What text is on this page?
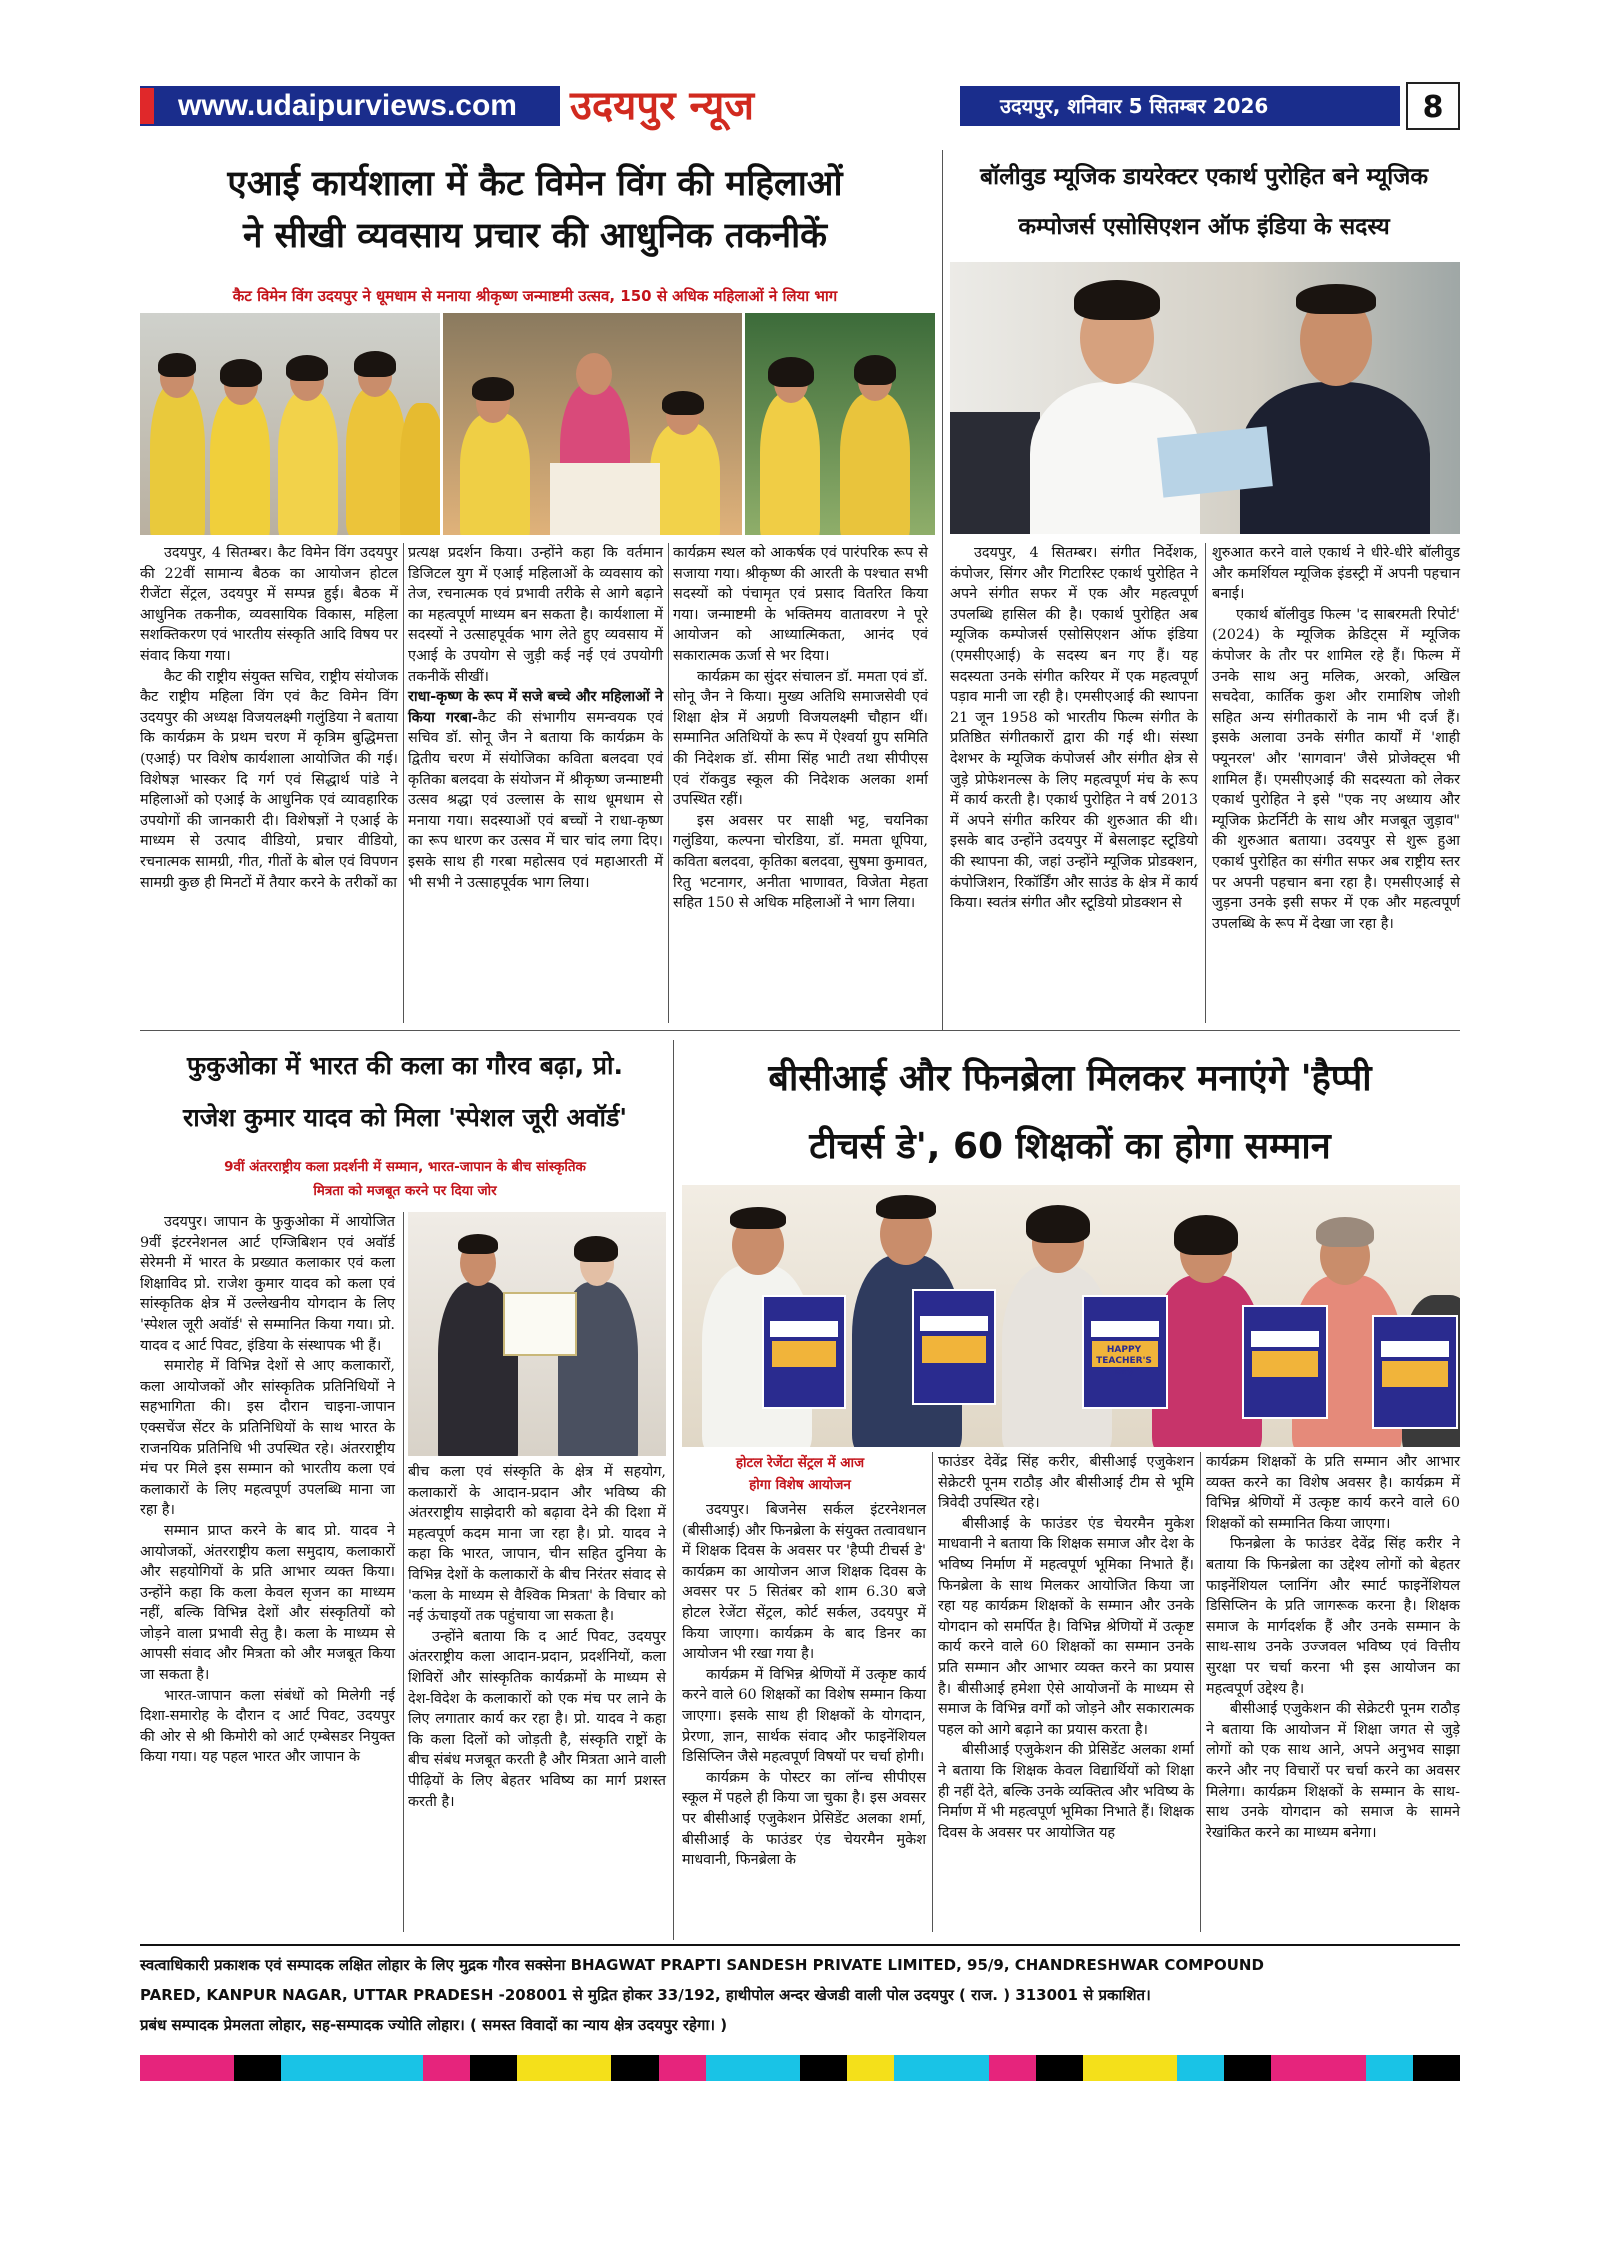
www.udaipurviews.com	उदयपुर न्यूज	उदयपुर, शनिवार 5 सितम्बर 2026	8
एआई कार्यशाला में कैट विमेन विंग की महिलाओं
ने सीखी व्यवसाय प्रचार की आधुनिक तकनीकें
कैट विमेन विंग उदयपुर ने धूमधाम से मनाया श्रीकृष्ण जन्माष्टमी उत्सव, 150 से अधिक महिलाओं ने लिया भाग

उदयपुर, 4 सितम्बर। कैट विमेन विंग उदयपुर की 22वीं सामान्य बैठक का आयोजन होटल रीजेंटा सेंट्रल, उदयपुर में सम्पन्न हुई। बैठक में आधुनिक तकनीक, व्यवसायिक विकास, महिला सशक्तिकरण एवं भारतीय संस्कृति आदि विषय पर संवाद किया गया।

कैट की राष्ट्रीय संयुक्त सचिव, राष्ट्रीय संयोजक कैट राष्ट्रीय महिला विंग एवं कैट विमेन विंग उदयपुर की अध्यक्ष विजयलक्ष्मी गलुंडिया ने बताया कि कार्यक्रम के प्रथम चरण में कृत्रिम बुद्धिमत्ता (एआई) पर विशेष कार्यशाला आयोजित की गई। विशेषज्ञ भास्कर दि गर्ग एवं सिद्धार्थ पांडे ने महिलाओं को एआई के आधुनिक एवं व्यावहारिक उपयोगों की जानकारी दी। विशेषज्ञों ने एआई के माध्यम से उत्पाद वीडियो, प्रचार वीडियो, रचनात्मक सामग्री, गीत, गीतों के बोल एवं विपणन सामग्री कुछ ही मिनटों में तैयार करने के तरीकों का

प्रत्यक्ष प्रदर्शन किया। उन्होंने कहा कि वर्तमान डिजिटल युग में एआई महिलाओं के व्यवसाय को तेज, रचनात्मक एवं प्रभावी तरीके से आगे बढ़ाने का महत्वपूर्ण माध्यम बन सकता है। कार्यशाला में सदस्यों ने उत्साहपूर्वक भाग लेते हुए व्यवसाय में एआई के उपयोग से जुड़ी कई नई एवं उपयोगी तकनीकें सीखीं।

राधा-कृष्ण के रूप में सजे बच्चे और महिलाओं ने किया गरबा-कैट की संभागीय समन्वयक एवं सचिव डॉ. सोनू जैन ने बताया कि कार्यक्रम के द्वितीय चरण में संयोजिका कविता बलदवा एवं कृतिका बलदवा के संयोजन में श्रीकृष्ण जन्माष्टमी उत्सव श्रद्धा एवं उल्लास के साथ धूमधाम से मनाया गया। सदस्याओं एवं बच्चों ने राधा-कृष्ण का रूप धारण कर उत्सव में चार चांद लगा दिए। इसके साथ ही गरबा महोत्सव एवं महाआरती में भी सभी ने उत्साहपूर्वक भाग लिया।

कार्यक्रम स्थल को आकर्षक एवं पारंपरिक रूप से सजाया गया। श्रीकृष्ण की आरती के पश्चात सभी सदस्यों को पंचामृत एवं प्रसाद वितरित किया गया। जन्माष्टमी के भक्तिमय वातावरण ने पूरे आयोजन को आध्यात्मिकता, आनंद एवं सकारात्मक ऊर्जा से भर दिया।

कार्यक्रम का सुंदर संचालन डॉ. ममता एवं डॉ. सोनू जैन ने किया। मुख्य अतिथि समाजसेवी एवं शिक्षा क्षेत्र में अग्रणी विजयलक्ष्मी चौहान थीं। सम्मानित अतिथियों के रूप में ऐश्वर्या ग्रुप समिति की निदेशक डॉ. सीमा सिंह भाटी तथा सीपीएस एवं रॉकवुड स्कूल की निदेशक अलका शर्मा उपस्थित रहीं।

इस अवसर पर साक्षी भट्ट, चयनिका गलुंडिया, कल्पना चोरडिया, डॉ. ममता धूपिया, कविता बलदवा, कृतिका बलदवा, सुषमा कुमावत, रितु भटनागर, अनीता भाणावत, विजेता मेहता सहित 150 से अधिक महिलाओं ने भाग लिया।

बॉलीवुड म्यूजिक डायरेक्टर एकार्थ पुरोहित बने म्यूजिक
कम्पोजर्स एसोसिएशन ऑफ इंडिया के सदस्य

उदयपुर, 4 सितम्बर। संगीत निर्देशक, कंपोजर, सिंगर और गिटारिस्ट एकार्थ पुरोहित ने अपने संगीत सफर में एक और महत्वपूर्ण उपलब्धि हासिल की है। एकार्थ पुरोहित अब म्यूजिक कम्पोजर्स एसोसिएशन ऑफ इंडिया (एमसीएआई) के सदस्य बन गए हैं। यह सदस्यता उनके संगीत करियर में एक महत्वपूर्ण पड़ाव मानी जा रही है। एमसीएआई की स्थापना 21 जून 1958 को भारतीय फिल्म संगीत के प्रतिष्ठित संगीतकारों द्वारा की गई थी। संस्था देशभर के म्यूजिक कंपोजर्स और संगीत क्षेत्र से जुड़े प्रोफेशनल्स के लिए महत्वपूर्ण मंच के रूप में कार्य करती है। एकार्थ पुरोहित ने वर्ष 2013 में अपने संगीत करियर की शुरुआत की थी। इसके बाद उन्होंने उदयपुर में बेसलाइट स्टूडियो की स्थापना की, जहां उन्होंने म्यूजिक प्रोडक्शन, कंपोजिशन, रिकॉर्डिंग और साउंड के क्षेत्र में कार्य किया। स्वतंत्र संगीत और स्टूडियो प्रोडक्शन से

शुरुआत करने वाले एकार्थ ने धीरे-धीरे बॉलीवुड और कमर्शियल म्यूजिक इंडस्ट्री में अपनी पहचान बनाई।

एकार्थ बॉलीवुड फिल्म 'द साबरमती रिपोर्ट' (2024) के म्यूजिक क्रेडिट्स में म्यूजिक कंपोजर के तौर पर शामिल रहे हैं। फिल्म में उनके साथ अनु मलिक, अरको, अखिल सचदेवा, कार्तिक कुश और रामाशिष जोशी सहित अन्य संगीतकारों के नाम भी दर्ज हैं। इसके अलावा उनके संगीत कार्यों में 'शाही फ्यूनरल' और 'सागवान' जैसे प्रोजेक्ट्स भी शामिल हैं। एमसीएआई की सदस्यता को लेकर एकार्थ पुरोहित ने इसे "एक नए अध्याय और म्यूजिक फ्रेटर्निटी के साथ और मजबूत जुड़ाव" की शुरुआत बताया। उदयपुर से शुरू हुआ एकार्थ पुरोहित का संगीत सफर अब राष्ट्रीय स्तर पर अपनी पहचान बना रहा है। एमसीएआई से जुड़ना उनके इसी सफर में एक और महत्वपूर्ण उपलब्धि के रूप में देखा जा रहा है।

फुकुओका में भारत की कला का गौरव बढ़ा, प्रो.
राजेश कुमार यादव को मिला 'स्पेशल जूरी अवॉर्ड'
9वीं अंतरराष्ट्रीय कला प्रदर्शनी में सम्मान, भारत-जापान के बीच सांस्कृतिक
मित्रता को मजबूत करने पर दिया जोर

उदयपुर। जापान के फुकुओका में आयोजित 9वीं इंटरनेशनल आर्ट एग्जिबिशन एवं अवॉर्ड सेरेमनी में भारत के प्रख्यात कलाकार एवं कला शिक्षाविद प्रो. राजेश कुमार यादव को कला एवं सांस्कृतिक क्षेत्र में उल्लेखनीय योगदान के लिए 'स्पेशल जूरी अवॉर्ड' से सम्मानित किया गया। प्रो. यादव द आर्ट पिवट, इंडिया के संस्थापक भी हैं।

समारोह में विभिन्न देशों से आए कलाकारों, कला आयोजकों और सांस्कृतिक प्रतिनिधियों ने सहभागिता की। इस दौरान चाइना-जापान एक्सचेंज सेंटर के प्रतिनिधियों के साथ भारत के राजनयिक प्रतिनिधि भी उपस्थित रहे। अंतरराष्ट्रीय मंच पर मिले इस सम्मान को भारतीय कला एवं कलाकारों के लिए महत्वपूर्ण उपलब्धि माना जा रहा है।

सम्मान प्राप्त करने के बाद प्रो. यादव ने आयोजकों, अंतरराष्ट्रीय कला समुदाय, कलाकारों और सहयोगियों के प्रति आभार व्यक्त किया। उन्होंने कहा कि कला केवल सृजन का माध्यम नहीं, बल्कि विभिन्न देशों और संस्कृतियों को जोड़ने वाला प्रभावी सेतु है। कला के माध्यम से आपसी संवाद और मित्रता को और मजबूत किया जा सकता है।

भारत-जापान कला संबंधों को मिलेगी नई दिशा-समारोह के दौरान द आर्ट पिवट, उदयपुर की ओर से श्री किमोरी को आर्ट एम्बेसडर नियुक्त किया गया। यह पहल भारत और जापान के

बीच कला एवं संस्कृति के क्षेत्र में सहयोग, कलाकारों के आदान-प्रदान और भविष्य की अंतरराष्ट्रीय साझेदारी को बढ़ावा देने की दिशा में महत्वपूर्ण कदम माना जा रहा है। प्रो. यादव ने कहा कि भारत, जापान, चीन सहित दुनिया के विभिन्न देशों के कलाकारों के बीच निरंतर संवाद से 'कला के माध्यम से वैश्विक मित्रता' के विचार को नई ऊंचाइयों तक पहुंचाया जा सकता है।

उन्होंने बताया कि द आर्ट पिवट, उदयपुर अंतरराष्ट्रीय कला आदान-प्रदान, प्रदर्शनियों, कला शिविरों और सांस्कृतिक कार्यक्रमों के माध्यम से देश-विदेश के कलाकारों को एक मंच पर लाने के लिए लगातार कार्य कर रहा है। प्रो. यादव ने कहा कि कला दिलों को जोड़ती है, संस्कृति राष्ट्रों के बीच संबंध मजबूत करती है और मित्रता आने वाली पीढ़ियों के लिए बेहतर भविष्य का मार्ग प्रशस्त करती है।

बीसीआई और फिनब्रेला मिलकर मनाएंगे 'हैप्पी
टीचर्स डे', 60 शिक्षकों का होगा सम्मान
HAPPY TEACHER'S Day
होटल रेजेंटा सेंट्रल में आज
होगा विशेष आयोजन

उदयपुर। बिजनेस सर्कल इंटरनेशनल (बीसीआई) और फिनब्रेला के संयुक्त तत्वावधान में शिक्षक दिवस के अवसर पर 'हैप्पी टीचर्स डे' कार्यक्रम का आयोजन आज शिक्षक दिवस के अवसर पर 5 सितंबर को शाम 6.30 बजे होटल रेजेंटा सेंट्रल, कोर्ट सर्कल, उदयपुर में किया जाएगा। कार्यक्रम के बाद डिनर का आयोजन भी रखा गया है।

कार्यक्रम में विभिन्न श्रेणियों में उत्कृष्ट कार्य करने वाले 60 शिक्षकों का विशेष सम्मान किया जाएगा। इसके साथ ही शिक्षकों के योगदान, प्रेरणा, ज्ञान, सार्थक संवाद और फाइनेंशियल डिसिप्लिन जैसे महत्वपूर्ण विषयों पर चर्चा होगी।

कार्यक्रम के पोस्टर का लॉन्च सीपीएस स्कूल में पहले ही किया जा चुका है। इस अवसर पर बीसीआई एजुकेशन प्रेसिडेंट अलका शर्मा, बीसीआई के फाउंडर एंड चेयरमैन मुकेश माधवानी, फिनब्रेला के

फाउंडर देवेंद्र सिंह करीर, बीसीआई एजुकेशन सेक्रेटरी पूनम राठौड़ और बीसीआई टीम से भूमि त्रिवेदी उपस्थित रहे।

बीसीआई के फाउंडर एंड चेयरमैन मुकेश माधवानी ने बताया कि शिक्षक समाज और देश के भविष्य निर्माण में महत्वपूर्ण भूमिका निभाते हैं। फिनब्रेला के साथ मिलकर आयोजित किया जा रहा यह कार्यक्रम शिक्षकों के सम्मान और उनके योगदान को समर्पित है। विभिन्न श्रेणियों में उत्कृष्ट कार्य करने वाले 60 शिक्षकों का सम्मान उनके प्रति सम्मान और आभार व्यक्त करने का प्रयास है। बीसीआई हमेशा ऐसे आयोजनों के माध्यम से समाज के विभिन्न वर्गों को जोड़ने और सकारात्मक पहल को आगे बढ़ाने का प्रयास करता है।

बीसीआई एजुकेशन की प्रेसिडेंट अलका शर्मा ने बताया कि शिक्षक केवल विद्यार्थियों को शिक्षा ही नहीं देते, बल्कि उनके व्यक्तित्व और भविष्य के निर्माण में भी महत्वपूर्ण भूमिका निभाते हैं। शिक्षक दिवस के अवसर पर आयोजित यह

कार्यक्रम शिक्षकों के प्रति सम्मान और आभार व्यक्त करने का विशेष अवसर है। कार्यक्रम में विभिन्न श्रेणियों में उत्कृष्ट कार्य करने वाले 60 शिक्षकों को सम्मानित किया जाएगा।

फिनब्रेला के फाउंडर देवेंद्र सिंह करीर ने बताया कि फिनब्रेला का उद्देश्य लोगों को बेहतर फाइनेंशियल प्लानिंग और स्मार्ट फाइनेंशियल डिसिप्लिन के प्रति जागरूक करना है। शिक्षक समाज के मार्गदर्शक हैं और उनके सम्मान के साथ-साथ उनके उज्जवल भविष्य एवं वित्तीय सुरक्षा पर चर्चा करना भी इस आयोजन का महत्वपूर्ण उद्देश्य है।

बीसीआई एजुकेशन की सेक्रेटरी पूनम राठौड़ ने बताया कि आयोजन में शिक्षा जगत से जुड़े लोगों को एक साथ आने, अपने अनुभव साझा करने और नए विचारों पर चर्चा करने का अवसर मिलेगा। कार्यक्रम शिक्षकों के सम्मान के साथ-साथ उनके योगदान को समाज के सामने रेखांकित करने का माध्यम बनेगा।

स्वत्वाधिकारी प्रकाशक एवं सम्पादक लक्षित लोहार के लिए मुद्रक गौरव सक्सेना BHAGWAT PRAPTI SANDESH PRIVATE LIMITED, 95/9, CHANDRESHWAR COMPOUND
PARED, KANPUR NAGAR, UTTAR PRADESH -208001 से मुद्रित होकर 33/192, हाथीपोल अन्दर खेजडी वाली पोल उदयपुर ( राज. ) 313001 से प्रकाशित।
प्रबंध सम्पादक प्रेमलता लोहार, सह-सम्पादक ज्योति लोहार। ( समस्त विवादों का न्याय क्षेत्र उदयपुर रहेगा। )
